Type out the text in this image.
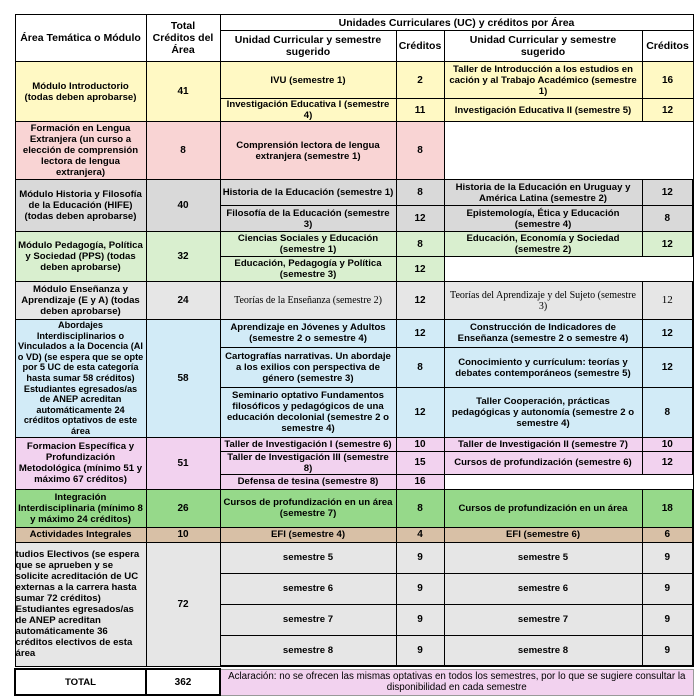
Área Temática o Módulo	Total Créditos del Área	Unidades Curriculares (UC) y créditos por Área			
		Unidad Curricular y semestre sugerido	Créditos	Unidad Curricular y semestre sugerido	Créditos
Módulo Introductorio (todas deben aprobarse)	41	IVU (semestre 1)	2	Taller de Introducción a los estudios en cación y al Trabajo Académico (semestre 1)	16
		Investigación Educativa I (semestre 4)	11	Investigación Educativa II (semestre 5)	12
Formación en Lengua Extranjera (un curso a elección de comprensión lectora de lengua extranjera)	8	Comprensión lectora de lengua extranjera (semestre 1)	8		
Módulo Historia y Filosofía de la Educación (HIFE) (todas deben aprobarse)	40	Historia de la Educación (semestre 1)	8	Historia de la Educación en Uruguay y América Latina (semestre 2)	12
		Filosofía de la Educación (semestre 3)	12	Epistemología, Ética y Educación (semestre 4)	8
Módulo Pedagogía, Política y Sociedad (PPS) (todas deben aprobarse)	32	Ciencias Sociales y Educación (semestre 1)	8	Educación, Economía y Sociedad (semestre 2)	12
		Educación, Pedagogía y Política (semestre 3)	12		
Módulo Enseñanza y Aprendizaje (E y A) (todas deben aprobarse)	24	Teorías de la Enseñanza (semestre 2)	12	Teorías del Aprendizaje y del Sujeto (semestre 3)	12
Abordajes Interdisciplinarios o Vinculados a la Docencia (AI o VD) (se espera que se opte por 5 UC de esta categoría hasta sumar 58 créditos) Estudiantes egresados/as de ANEP acreditan automáticamente 24 créditos optativos de este área	58	Aprendizaje en Jóvenes y Adultos (semestre 2 o semestre 4)	12	Construcción de Indicadores de Enseñanza (semestre 2 o semestre 4)	12
		Cartografías narrativas. Un abordaje a los exilios con perspectiva de género (semestre 3)	8	Conocimiento y currículum: teorías y debates contemporáneos (semestre 5)	12
		Seminario optativo Fundamentos filosóficos y pedagógicos de una educación decolonial (semestre 2 o semestre 4)	12	Taller Cooperación, prácticas pedagógicas y autonomía (semestre 2 o semestre 4)	8
Formacion Específica y Profundización Metodológica (mínimo 51 y máximo 67 créditos)	51	Taller de Investigación I (semestre 6)	10	Taller de Investigación II (semestre 7)	10
		Taller de Investigación III (semestre 8)	15	Cursos de profundización (semestre 6)	12
		Defensa de tesina (semestre 8)	16		
Integración Interdisciplinaria (mínimo 8 y máximo 24 créditos)	26	Cursos de profundización en un área (semestre 7)	8	Cursos de profundización en un área	18
Actividades Integrales	10	EFI (semestre 4)	4	EFI (semestre 6)	6
tudios Electivos (se espera que se aprueben y se solicite acreditación de UC externas a la carrera hasta sumar 72 créditos) Estudiantes egresados/as de ANEP acreditan automáticamente 36 créditos electivos de esta área	72	semestre 5	9	semestre 5	9
		semestre 6	9	semestre 6	9
		semestre 7	9	semestre 7	9
		semestre 8	9	semestre 8	9

TOTAL	362	Aclaración: no se ofrecen las mismas optativas en todos los semestres, por lo que se sugiere consultar la disponibilidad en cada semestre			
